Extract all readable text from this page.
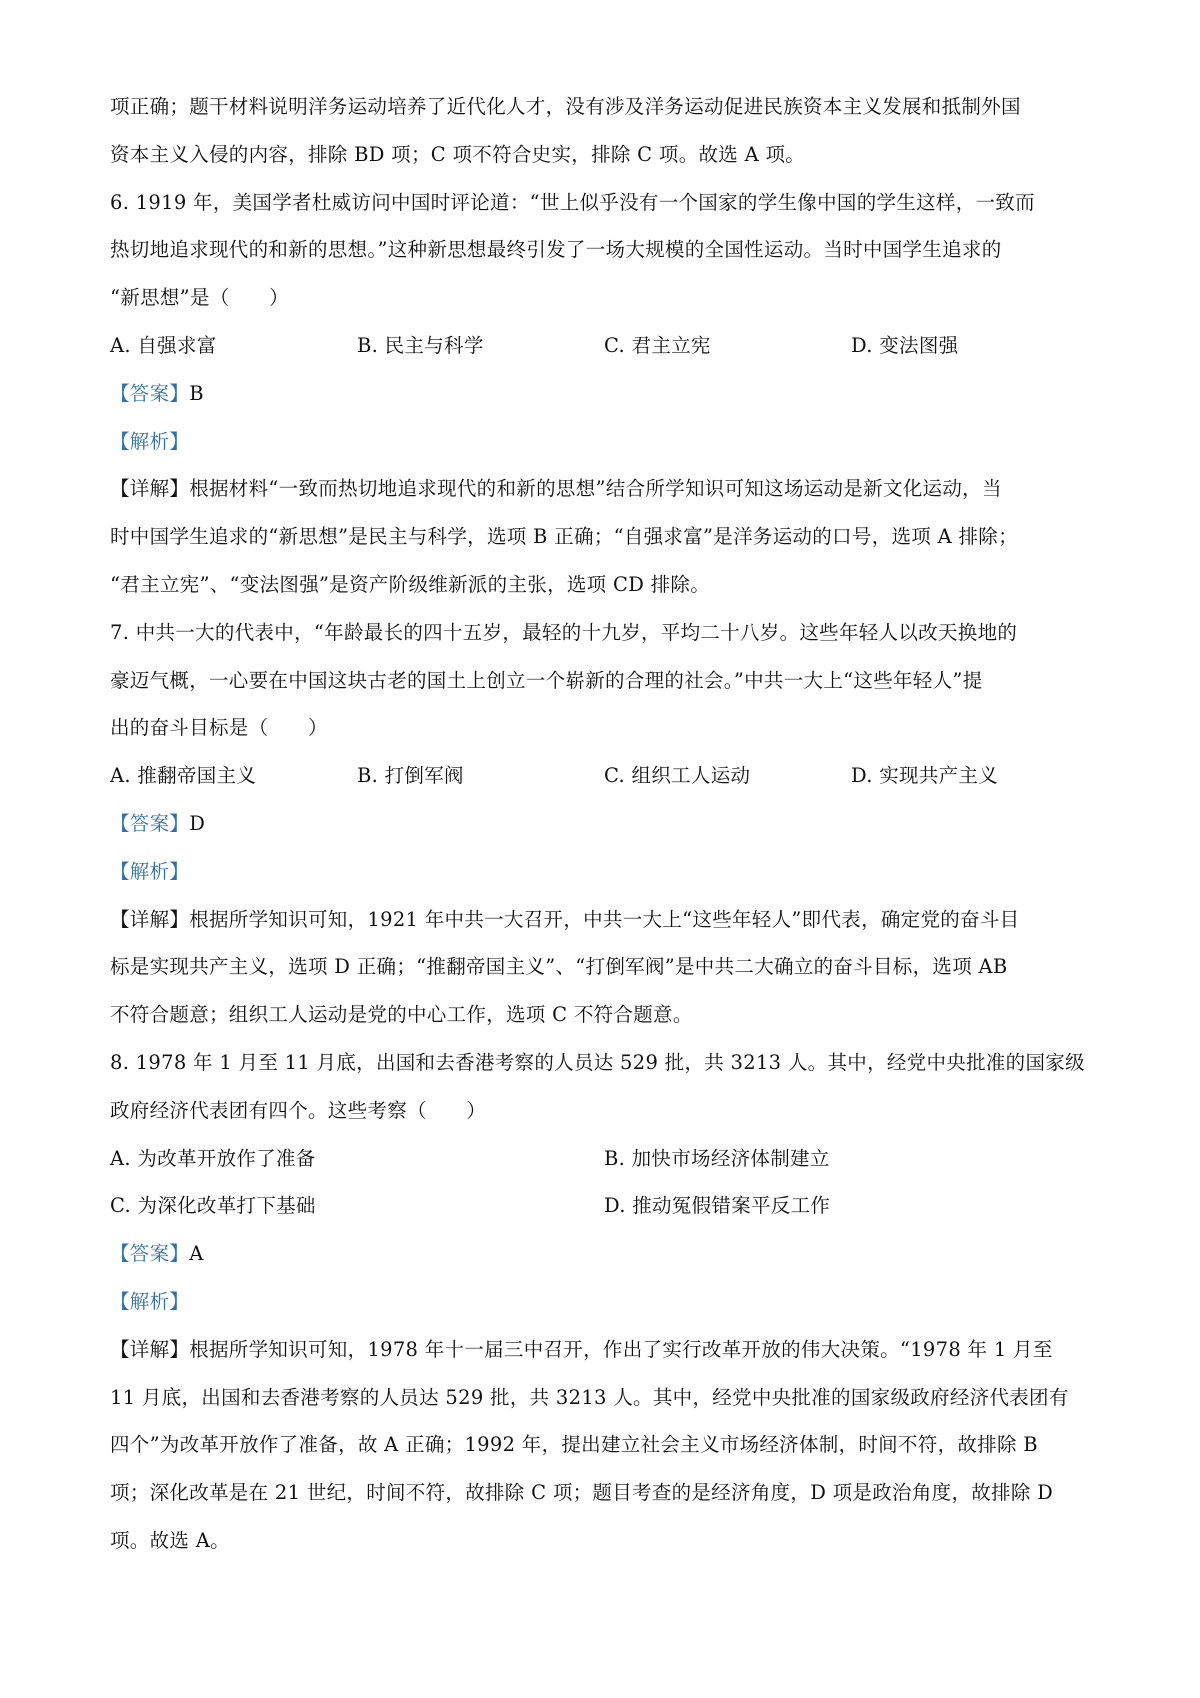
项正确；题干材料说明洋务运动培养了近代化人才，没有涉及洋务运动促进民族资本主义发展和抵制外国
资本主义入侵的内容，排除 BD 项；C 项不符合史实，排除 C 项。故选 A 项。
6. 1919 年，美国学者杜威访问中国时评论道：“世上似乎没有一个国家的学生像中国的学生这样，一致而
热切地追求现代的和新的思想。”这种新思想最终引发了一场大规模的全国性运动。当时中国学生追求的
“新思想”是（　　）
A. 自强求富	B. 民主与科学	C. 君主立宪	D. 变法图强
【答案】B
【解析】
【详解】根据材料“一致而热切地追求现代的和新的思想”结合所学知识可知这场运动是新文化运动，当
时中国学生追求的“新思想”是民主与科学，选项 B 正确；“自强求富”是洋务运动的口号，选项 A 排除；
“君主立宪”、“变法图强”是资产阶级维新派的主张，选项 CD 排除。
7. 中共一大的代表中，“年龄最长的四十五岁，最轻的十九岁，平均二十八岁。这些年轻人以改天换地的
豪迈气概，一心要在中国这块古老的国土上创立一个崭新的合理的社会。”中共一大上“这些年轻人”提
出的奋斗目标是（　　）
A. 推翻帝国主义	B. 打倒军阀	C. 组织工人运动	D. 实现共产主义
【答案】D
【解析】
【详解】根据所学知识可知，1921 年中共一大召开，中共一大上“这些年轻人”即代表，确定党的奋斗目
标是实现共产主义，选项 D 正确；“推翻帝国主义”、“打倒军阀”是中共二大确立的奋斗目标，选项 AB
不符合题意；组织工人运动是党的中心工作，选项 C 不符合题意。
8. 1978 年 1 月至 11 月底，出国和去香港考察的人员达 529 批，共 3213 人。其中，经党中央批准的国家级
政府经济代表团有四个。这些考察（　　）
A. 为改革开放作了准备	B. 加快市场经济体制建立
C. 为深化改革打下基础	D. 推动冤假错案平反工作
【答案】A
【解析】
【详解】根据所学知识可知，1978 年十一届三中召开，作出了实行改革开放的伟大决策。“1978 年 1 月至
11 月底，出国和去香港考察的人员达 529 批，共 3213 人。其中，经党中央批准的国家级政府经济代表团有
四个”为改革开放作了准备，故 A 正确；1992 年，提出建立社会主义市场经济体制，时间不符，故排除 B
项；深化改革是在 21 世纪，时间不符，故排除 C 项；题目考查的是经济角度，D 项是政治角度，故排除 D
项。故选 A。
